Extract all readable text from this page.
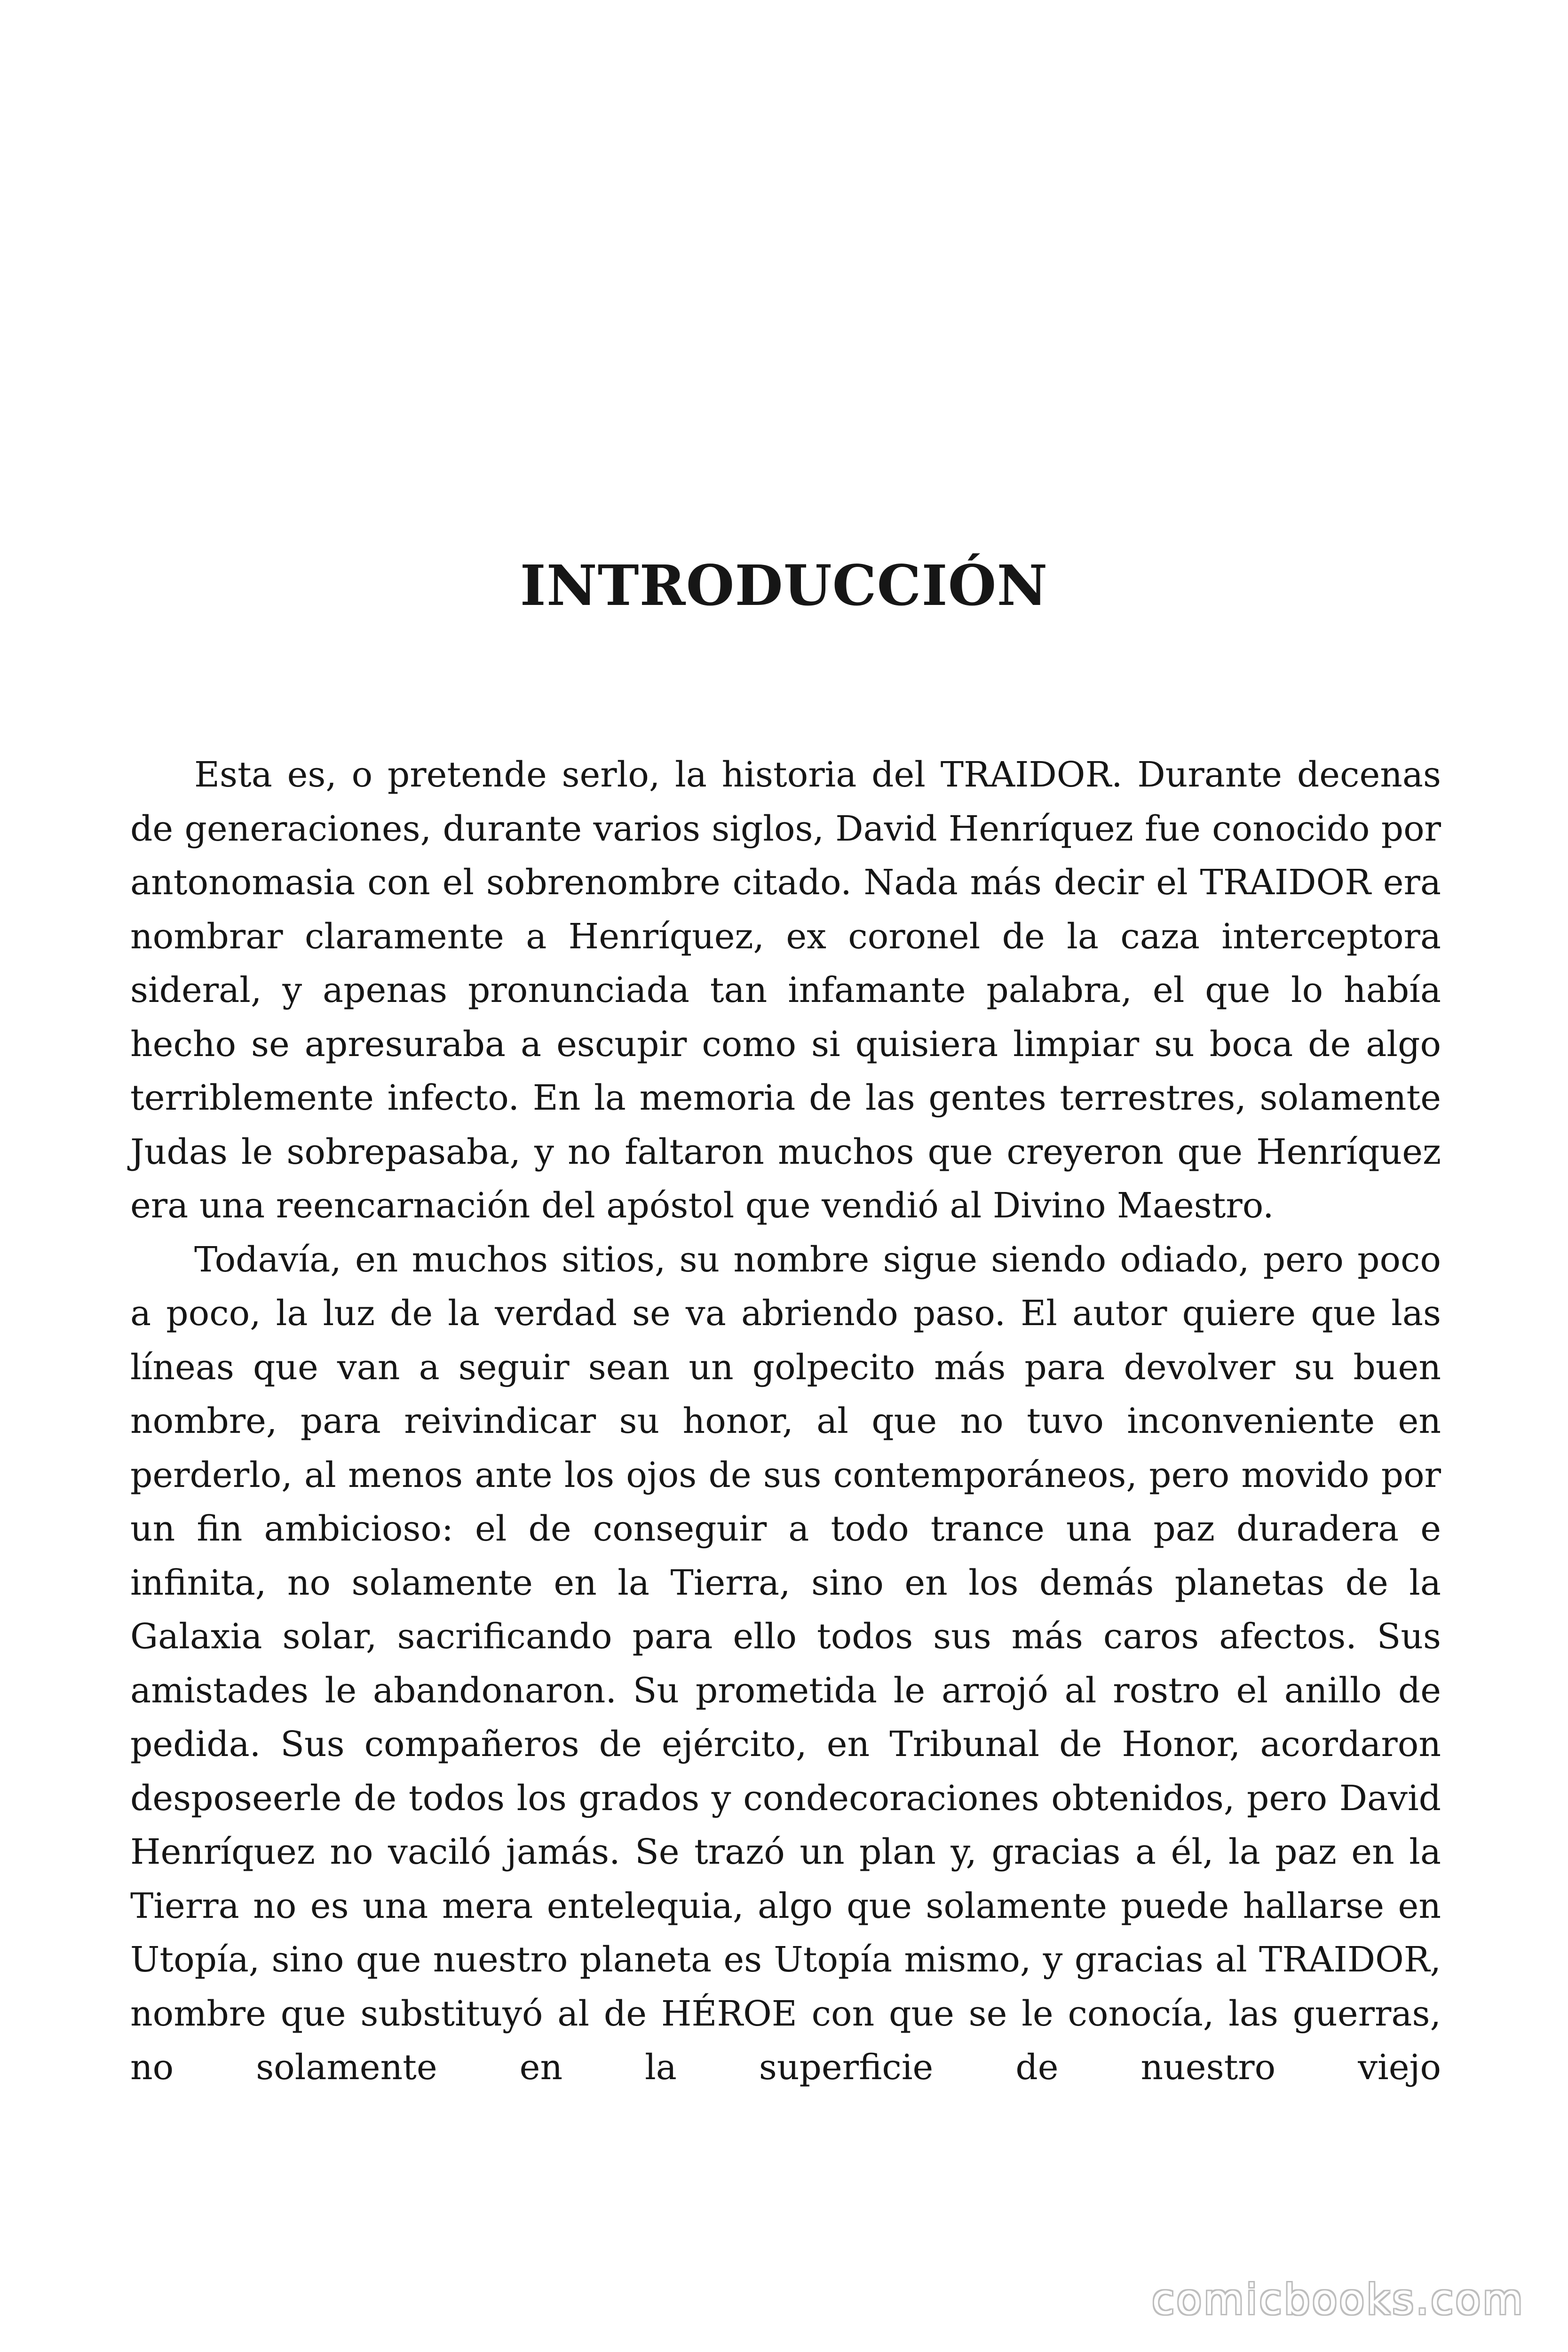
INTRODUCCIÓN

Esta es, o pretende serlo, la historia del TRAIDOR. Durante decenas de generaciones, durante varios siglos, David Henríquez fue conocido por antonomasia con el sobrenombre citado. Nada más decir el TRAIDOR era nombrar claramente a Henríquez, ex coronel de la caza interceptora sideral, y apenas pronunciada tan infamante palabra, el que lo había hecho se apresuraba a escupir como si quisiera limpiar su boca de algo terriblemente infecto. En la memoria de las gentes terrestres, solamente Judas le sobrepasaba, y no faltaron muchos que creyeron que Henríquez era una reencarnación del apóstol que vendió al Divino Maestro.

Todavía, en muchos sitios, su nombre sigue siendo odiado, pero poco a poco, la luz de la verdad se va abriendo paso. El autor quiere que las líneas que van a seguir sean un golpecito más para devolver su buen nombre, para reivindicar su honor, al que no tuvo inconveniente en perderlo, al menos ante los ojos de sus contemporáneos, pero movido por un fin ambicioso: el de conseguir a todo trance una paz duradera e infinita, no solamente en la Tierra, sino en los demás planetas de la Galaxia solar, sacrificando para ello todos sus más caros afectos. Sus amistades le abandonaron. Su prometida le arrojó al rostro el anillo de pedida. Sus compañeros de ejército, en Tribunal de Honor, acordaron desposeerle de todos los grados y condecoraciones obtenidos, pero David Henríquez no vaciló jamás. Se trazó un plan y, gracias a él, la paz en la Tierra no es una mera entelequia, algo que solamente puede hallarse en Utopía, sino que nuestro planeta es Utopía mismo, y gracias al TRAIDOR, nombre que substituyó al de HÉROE con que se le conocía, las guerras, no solamente en la superficie de nuestro viejo

comicbooks.com
